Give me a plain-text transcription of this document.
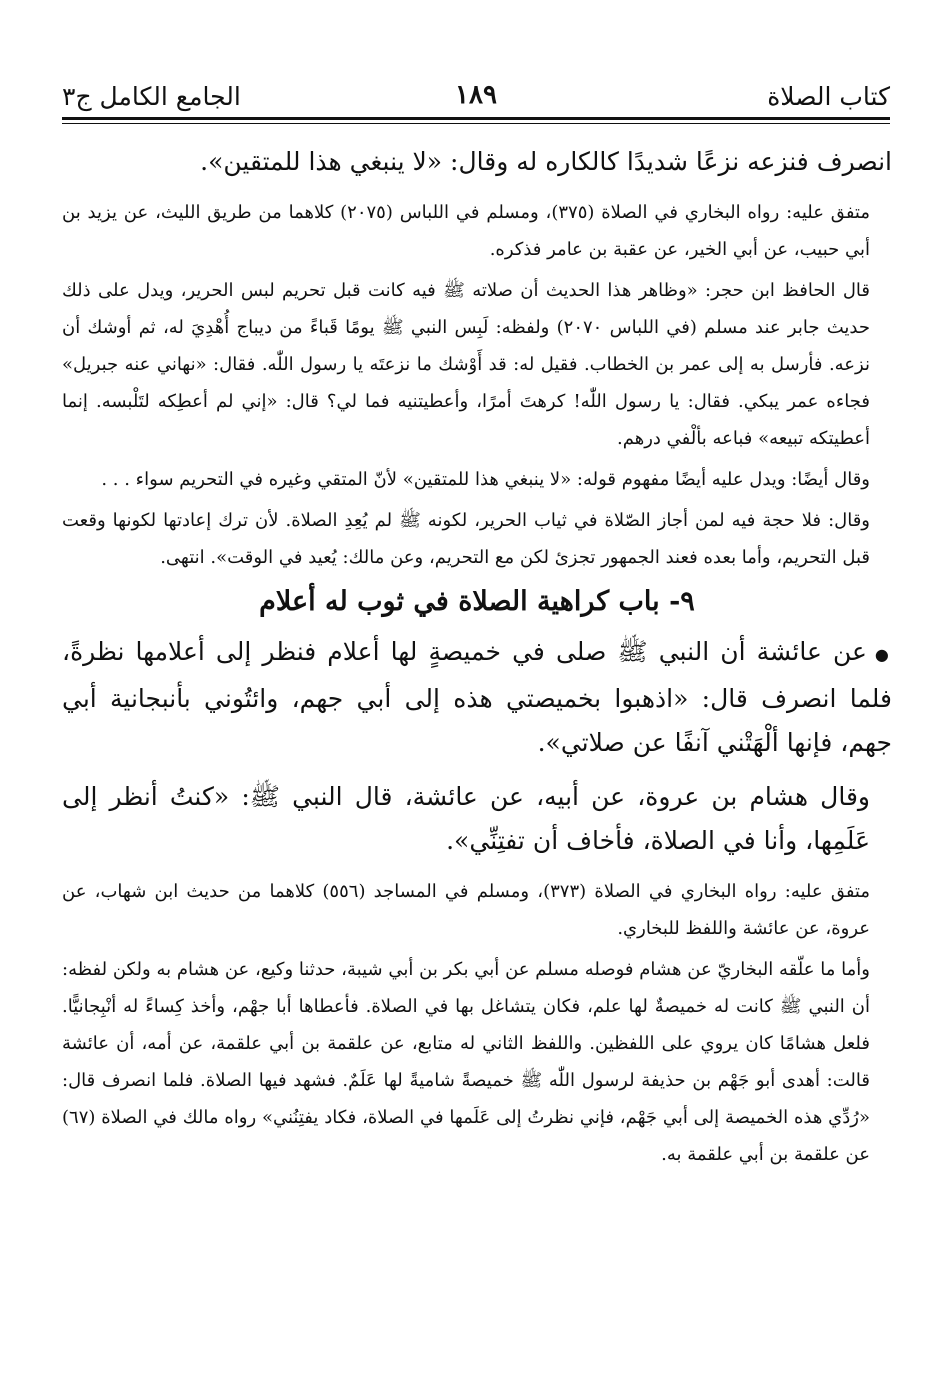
الجامع الكامل ج٣	١٨٩	كتاب الصلاة

انصرف فنزعه نزعًا شديدًا كالكاره له وقال: «لا ينبغي هذا للمتقين».

متفق عليه: رواه البخاري في الصلاة (٣٧٥)، ومسلم في اللباس (٢٠٧٥) كلاهما من طريق الليث، عن يزيد بن أبي حبيب، عن أبي الخير، عن عقبة بن عامر فذكره.

قال الحافظ ابن حجر: «وظاهر هذا الحديث أن صلاته ﷺ فيه كانت قبل تحريم لبس الحرير، ويدل على ذلك حديث جابر عند مسلم (في اللباس ٢٠٧٠) ولفظه: لَبِس النبي ﷺ يومًا قَباءً من ديباج أُهْدِيَ له، ثم أوشك أن نزعه. فأرسل به إلى عمر بن الخطاب. فقيل له: قد أَوْشك ما نزعتَه يا رسول اللّٰه. فقال: «نهاني عنه جبريل» فجاءه عمر يبكي. فقال: يا رسول اللّٰه! كرهتَ أمرًا، وأعطيتنيه فما لي؟ قال: «إني لم أعطِكه لتَلْبسه. إنما أعطيتكه تبيعه» فباعه بألْفي درهم.

وقال أيضًا: ويدل عليه أيضًا مفهوم قوله: «لا ينبغي هذا للمتقين» لأنّ المتقي وغيره في التحريم سواء . . .

وقال: فلا حجة فيه لمن أجاز الصّلاة في ثياب الحرير، لكونه ﷺ لم يُعِدِ الصلاة. لأن ترك إعادتها لكونها وقعت قبل التحريم، وأما بعده فعند الجمهور تجزئ لكن مع التحريم، وعن مالك: يُعيد في الوقت». انتهى.

٩- باب كراهية الصلاة في ثوب له أعلام

●عن عائشة أن النبي ﷺ صلى في خميصةٍ لها أعلام فنظر إلى أعلامها نظرةً، فلما انصرف قال: «اذهبوا بخميصتي هذه إلى أبي جهم، وائتُوني بأنبجانية أبي جهم، فإنها ألْهَتْني آنفًا عن صلاتي».

وقال هشام بن عروة، عن أبيه، عن عائشة، قال النبي ﷺ: «كنتُ أنظر إلى عَلَمِها، وأنا في الصلاة، فأخاف أن تفتِنِّي».

متفق عليه: رواه البخاري في الصلاة (٣٧٣)، ومسلم في المساجد (٥٥٦) كلاهما من حديث ابن شهاب، عن عروة، عن عائشة واللفظ للبخاري.

وأما ما علّقه البخاريّ عن هشام فوصله مسلم عن أبي بكر بن أبي شيبة، حدثنا وكيع، عن هشام به ولكن لفظه: أن النبي ﷺ كانت له خميصةٌ لها علم، فكان يتشاغل بها في الصلاة. فأعطاها أبا جهْم، وأخذ كِساءً له أنْبِجانيًّا. فلعل هشامًا كان يروي على اللفظين. واللفظ الثاني له متابع، عن علقمة بن أبي علقمة، عن أمه، أن عائشة قالت: أهدى أبو جَهْم بن حذيفة لرسول اللّٰه ﷺ خميصةً شاميةً لها عَلَمٌ. فشهد فيها الصلاة. فلما انصرف قال: «رُدِّي هذه الخميصة إلى أبي جَهْم، فإني نظرتُ إلى عَلَمها في الصلاة، فكاد يفتِنُني» رواه مالك في الصلاة (٦٧) عن علقمة بن أبي علقمة به.
